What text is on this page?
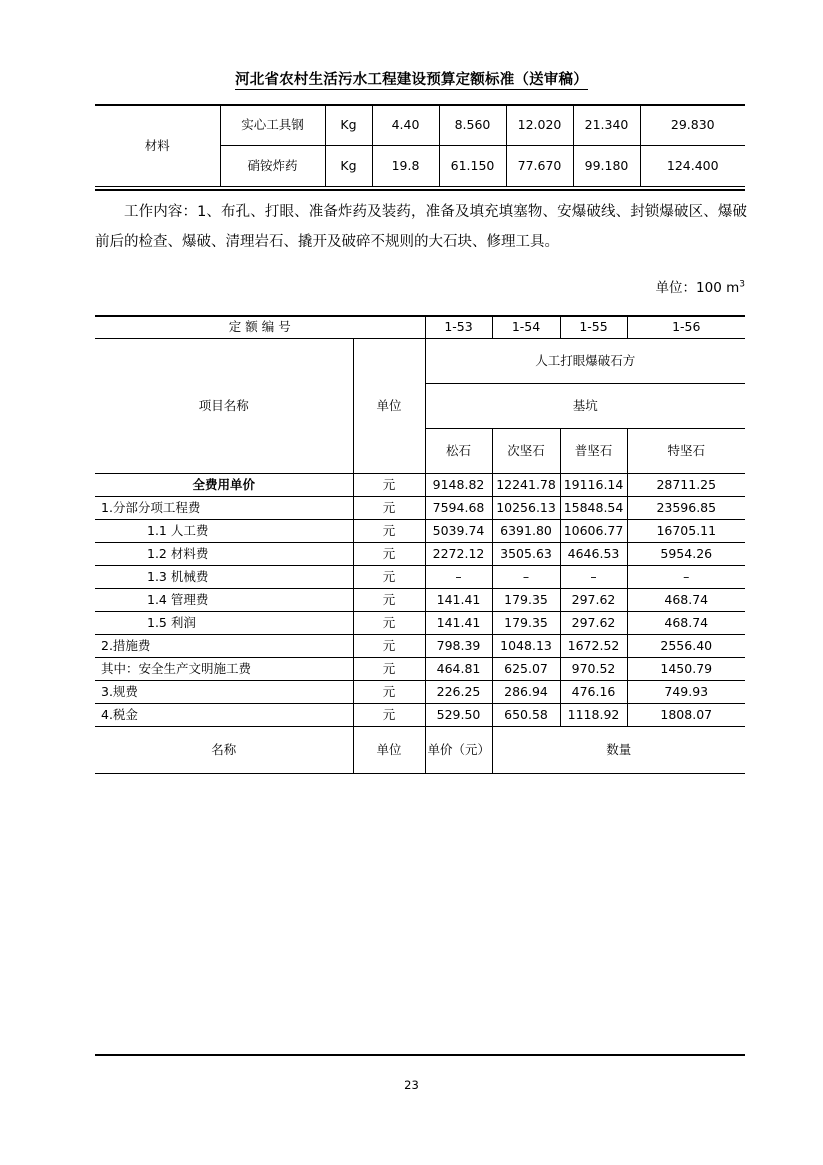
河北省农村生活污水工程建设预算定额标准（送审稿）
材料	实心工具钢	Kg	4.40	8.560	12.020	21.340	29.830
	硝铵炸药	Kg	19.8	61.150	77.670	99.180	124.400
工作内容：1、布孔、打眼、准备炸药及装药，准备及填充填塞物、安爆破线、封锁爆破区、爆破前后的检查、爆破、清理岩石、撬开及破碎不规则的大石块、修理工具。
单位：100 $m^3$
定 额 编 号		1-53	1-54	1-55	1-56
项目名称	单位	人工打眼爆破石方			
		基坑			
		松石	次坚石	普坚石	特坚石
全费用单价	元	9148.82	12241.78	19116.14	28711.25
1.分部分项工程费	元	7594.68	10256.13	15848.54	23596.85
1.1 人工费	元	5039.74	6391.80	10606.77	16705.11
1.2 材料费	元	2272.12	3505.63	4646.53	5954.26
1.3 机械费	元	–	–	–	–
1.4 管理费	元	141.41	179.35	297.62	468.74
1.5 利润	元	141.41	179.35	297.62	468.74
2.措施费	元	798.39	1048.13	1672.52	2556.40
其中：安全生产文明施工费	元	464.81	625.07	970.52	1450.79
3.规费	元	226.25	286.94	476.16	749.93
4.税金	元	529.50	650.58	1118.92	1808.07
名称	单位	单价（元）	数量		
23
